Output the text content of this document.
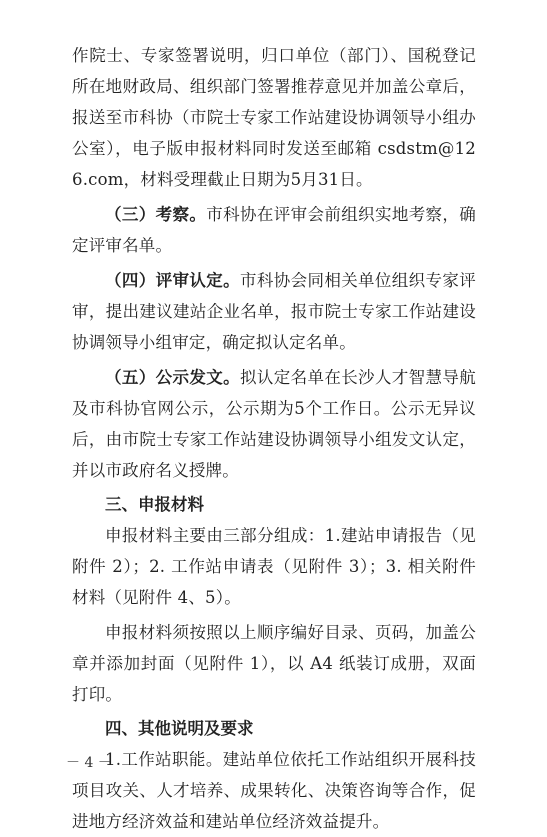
作院士、专家签署说明，归口单位（部门）、国税登记所在地财政局、组织部门签署推荐意见并加盖公章后，报送至市科协（市院士专家工作站建设协调领导小组办公室），电子版申报材料同时发送至邮箱 csdstm@126.com，材料受理截止日期为5月31日。

（三）考察。市科协在评审会前组织实地考察，确定评审名单。

（四）评审认定。市科协会同相关单位组织专家评审，提出建议建站企业名单，报市院士专家工作站建设协调领导小组审定，确定拟认定名单。

（五）公示发文。拟认定名单在长沙人才智慧导航及市科协官网公示，公示期为5个工作日。公示无异议后，由市院士专家工作站建设协调领导小组发文认定，并以市政府名义授牌。

三、申报材料

申报材料主要由三部分组成：1.建站申请报告（见附件 2）；2. 工作站申请表（见附件 3）；3. 相关附件材料（见附件 4、5）。

申报材料须按照以上顺序编好目录、页码，加盖公章并添加封面（见附件 1），以 A4 纸装订成册，双面打印。

四、其他说明及要求

1.工作站职能。建站单位依托工作站组织开展科技项目攻关、人才培养、成果转化、决策咨询等合作，促进地方经济效益和建站单位经济效益提升。

－ 4 －
